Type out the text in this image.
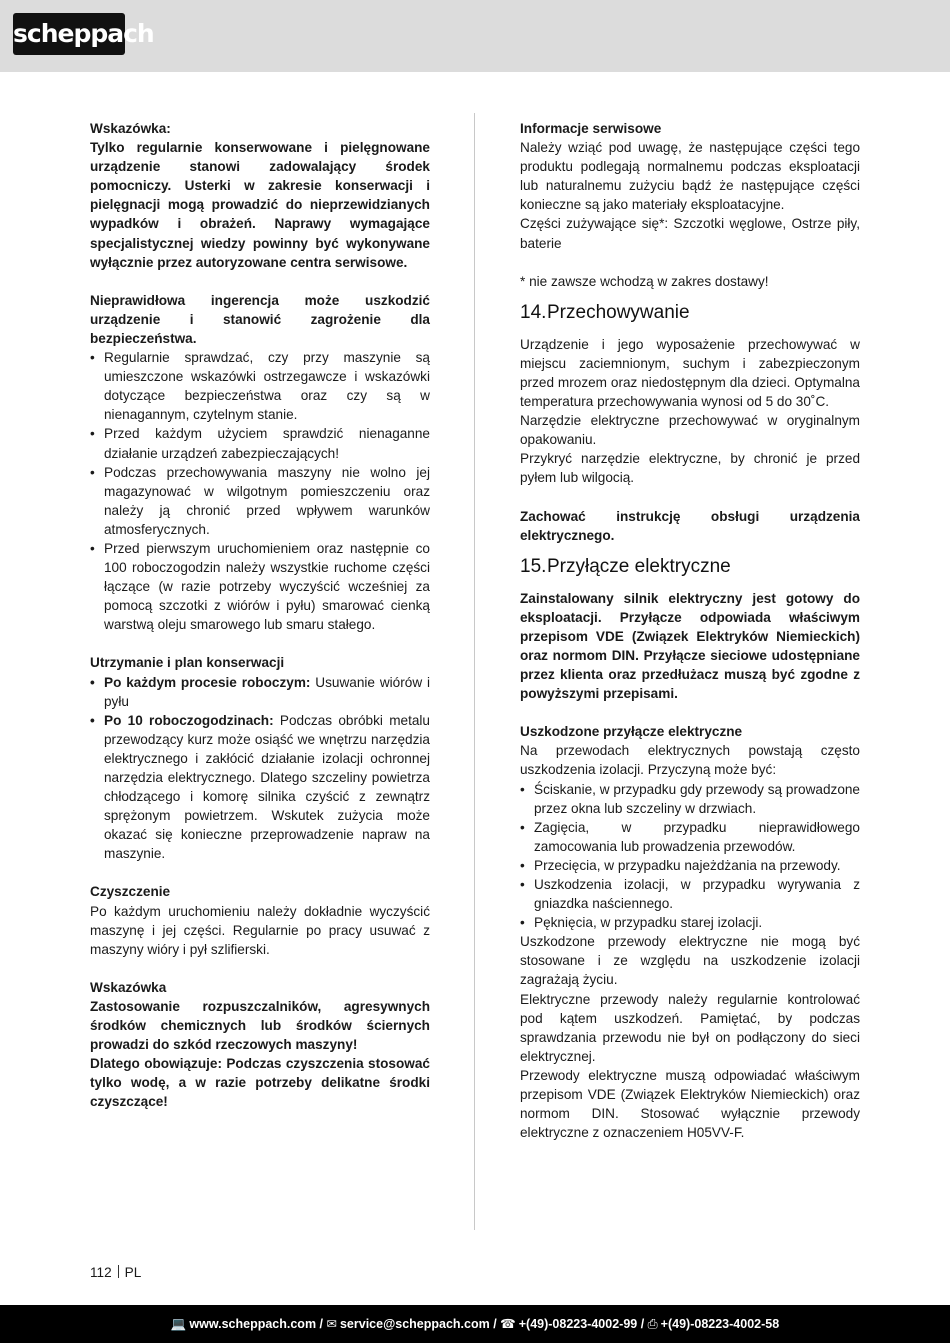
scheppach

Wskazówka:

Tylko regularnie konserwowane i pielęgnowane urządzenie stanowi zadowalający środek pomocniczy. Usterki w zakresie konserwacji i pielęgnacji mogą prowadzić do nieprzewidzianych wypadków i obrażeń. Naprawy wymagające specjalistycznej wiedzy powinny być wykonywane wyłącznie przez autoryzowane centra serwisowe.

Nieprawidłowa ingerencja może uszkodzić urządzenie i stanowić zagrożenie dla bezpieczeństwa.

• Regularnie sprawdzać, czy przy maszynie są umieszczone wskazówki ostrzegawcze i wskazówki dotyczące bezpieczeństwa oraz czy są w nienagannym, czytelnym stanie.
• Przed każdym użyciem sprawdzić nienaganne działanie urządzeń zabezpieczających!
• Podczas przechowywania maszyny nie wolno jej magazynować w wilgotnym pomieszczeniu oraz należy ją chronić przed wpływem warunków atmosferycznych.
• Przed pierwszym uruchomieniem oraz następnie co 100 roboczogodzin należy wszystkie ruchome części łączące (w razie potrzeby wyczyścić wcześniej za pomocą szczotki z wiórów i pyłu) smarować cienką warstwą oleju smarowego lub smaru stałego.

Utrzymanie i plan konserwacji

• Po każdym procesie roboczym: Usuwanie wiórów i pyłu
• Po 10 roboczogodzinach: Podczas obróbki metalu przewodzący kurz może osiąść we wnętrzu narzędzia elektrycznego i zakłócić działanie izolacji ochronnej narzędzia elektrycznego. Dlatego szczeliny powietrza chłodzącego i komorę silnika czyścić z zewnątrz sprężonym powietrzem. Wskutek zużycia może okazać się konieczne przeprowadzenie napraw na maszynie.

Czyszczenie

Po każdym uruchomieniu należy dokładnie wyczyścić maszynę i jej części. Regularnie po pracy usuwać z maszyny wióry i pył szlifierski.

Wskazówka

Zastosowanie rozpuszczalników, agresywnych środków chemicznych lub środków ściernych prowadzi do szkód rzeczowych maszyny!

Dlatego obowiązuje: Podczas czyszczenia stosować tylko wodę, a w razie potrzeby delikatne środki czyszczące!

Informacje serwisowe

Należy wziąć pod uwagę, że następujące części tego produktu podlegają normalnemu podczas eksploatacji lub naturalnemu zużyciu bądź że następujące części konieczne są jako materiały eksploatacyjne.

Części zużywające się*: Szczotki węglowe, Ostrze piły, baterie

* nie zawsze wchodzą w zakres dostawy!

14.Przechowywanie

Urządzenie i jego wyposażenie przechowywać w miejscu zaciemnionym, suchym i zabezpieczonym przed mrozem oraz niedostępnym dla dzieci. Optymalna temperatura przechowywania wynosi od 5 do 30˚C.

Narzędzie elektryczne przechowywać w oryginalnym opakowaniu.

Przykryć narzędzie elektryczne, by chronić je przed pyłem lub wilgocią.

Zachować instrukcję obsługi urządzenia elektrycznego.

15.Przyłącze elektryczne

Zainstalowany silnik elektryczny jest gotowy do eksploatacji. Przyłącze odpowiada właściwym przepisom VDE (Związek Elektryków Niemieckich) oraz normom DIN. Przyłącze sieciowe udostępniane przez klienta oraz przedłużacz muszą być zgodne z powyższymi przepisami.

Uszkodzone przyłącze elektryczne

Na przewodach elektrycznych powstają często uszkodzenia izolacji. Przyczyną może być:

• Ściskanie, w przypadku gdy przewody są prowadzone przez okna lub szczeliny w drzwiach.
• Zagięcia, w przypadku nieprawidłowego zamocowania lub prowadzenia przewodów.
• Przecięcia, w przypadku najeżdżania na przewody.
• Uszkodzenia izolacji, w przypadku wyrywania z gniazdka naściennego.
• Pęknięcia, w przypadku starej izolacji.

Uszkodzone przewody elektryczne nie mogą być stosowane i ze względu na uszkodzenie izolacji zagrażają życiu.

Elektryczne przewody należy regularnie kontrolować pod kątem uszkodzeń. Pamiętać, by podczas sprawdzania przewodu nie był on podłączony do sieci elektrycznej.

Przewody elektryczne muszą odpowiadać właściwym przepisom VDE (Związek Elektryków Niemieckich) oraz normom DIN. Stosować wyłącznie przewody elektryczne z oznaczeniem H05VV-F.

112 PL
💻 www.scheppach.com / ✉ service@scheppach.com / ☎ +(49)-08223-4002-99 / ⎙ +(49)-08223-4002-58
